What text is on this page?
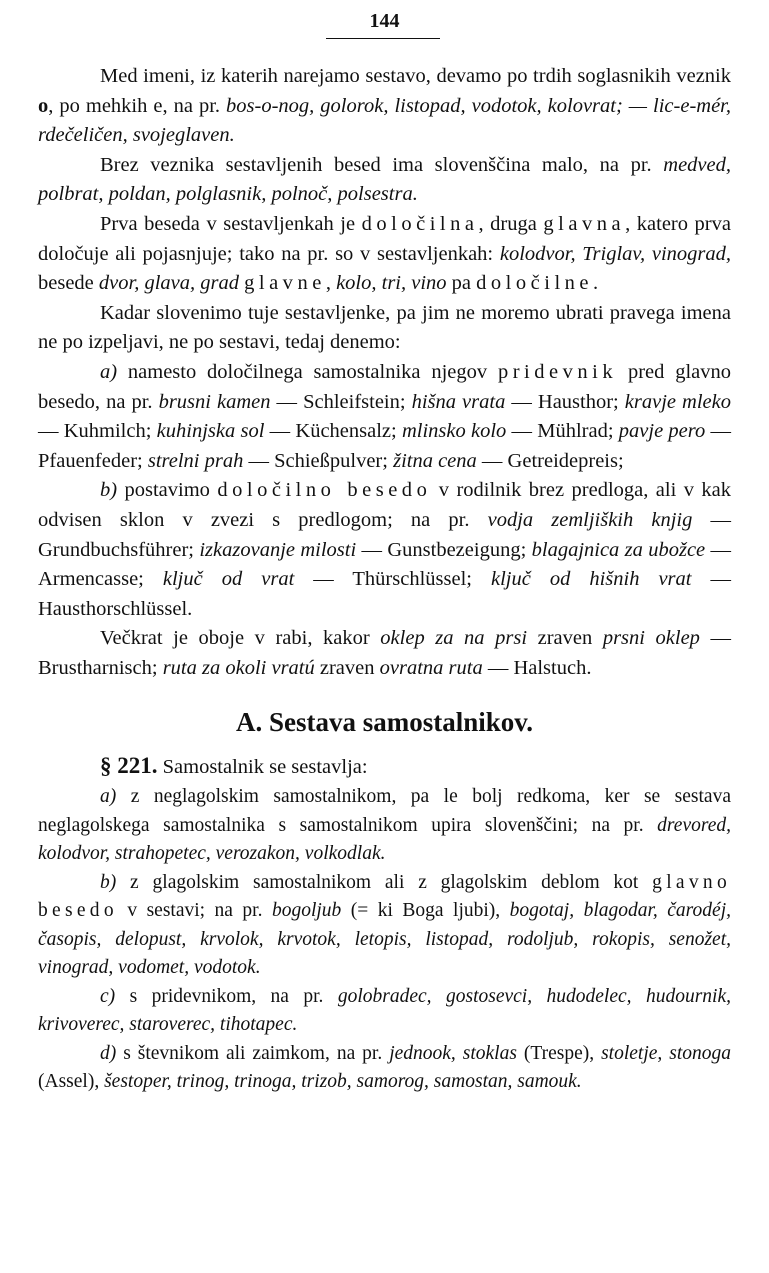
144

Med imeni, iz katerih narejamo sestavo, devamo po trdih soglasnikih veznik o, po mehkih e, na pr. bos-o-nog, golorok, listopad, vodotok, kolovrat; — lic-e-mér, rdečeličen, svojeglaven.

Brez veznika sestavljenih besed ima slovenščina malo, na pr. medved, polbrat, poldan, polglasnik, polnoč, polsestra.

Prva beseda v sestavljenkah je določilna, druga glavna, katero prva določuje ali pojasnjuje; tako na pr. so v sestavljenkah: kolodvor, Triglav, vinograd, besede dvor, glava, grad glavne, kolo, tri, vino pa določilne.

Kadar slovenimo tuje sestavljenke, pa jim ne moremo ubrati pravega imena ne po izpeljavi, ne po sestavi, tedaj denemo:

a) namesto določilnega samostalnika njegov pridevnik pred glavno besedo, na pr. brusni kamen — Schleifstein; hišna vrata — Hausthor; kravje mleko — Kuhmilch; kuhinjska sol — Küchensalz; mlinsko kolo — Mühlrad; pavje pero — Pfauenfeder; strelni prah — Schießpulver; žitna cena — Getreidepreis;

b) postavimo določilno besedo v rodilnik brez predloga, ali v kak odvisen sklon v zvezi s predlogom; na pr. vodja zemljiških knjig — Grundbuchsführer; izkazovanje milosti — Gunstbezeigung; blagajnica za ubožce — Armencasse; ključ od vrat — Thürschlüssel; ključ od hišnih vrat — Hausthorschlüssel.

Večkrat je oboje v rabi, kakor oklep za na prsi zraven prsni oklep — Brustharnisch; ruta za okoli vratú zraven ovratna ruta — Halstuch.

A. Sestava samostalnikov.

§ 221. Samostalnik se sestavlja:

a) z neglagolskim samostalnikom, pa le bolj redkoma, ker se sestava neglagolskega samostalnika s samostalnikom upira slovenščini; na pr. drevored, kolodvor, strahopetec, verozakon, volkodlak.

b) z glagolskim samostalnikom ali z glagolskim deblom kot glavno besedo v sestavi; na pr. bogoljub (= ki Boga ljubi), bogotaj, blagodar, čarodéj, časopis, delopust, krvolok, krvotok, letopis, listopad, rodoljub, rokopis, senožet, vinograd, vodomet, vodotok.

c) s pridevnikom, na pr. golobradec, gostosevci, hudodelec, hudournik, krivoverec, staroverec, tihotapec.

d) s števnikom ali zaimkom, na pr. jednook, stoklas (Trespe), stoletje, stonoga (Assel), šestoper, trinog, trinoga, trizob, samorog, samostan, samouk.
